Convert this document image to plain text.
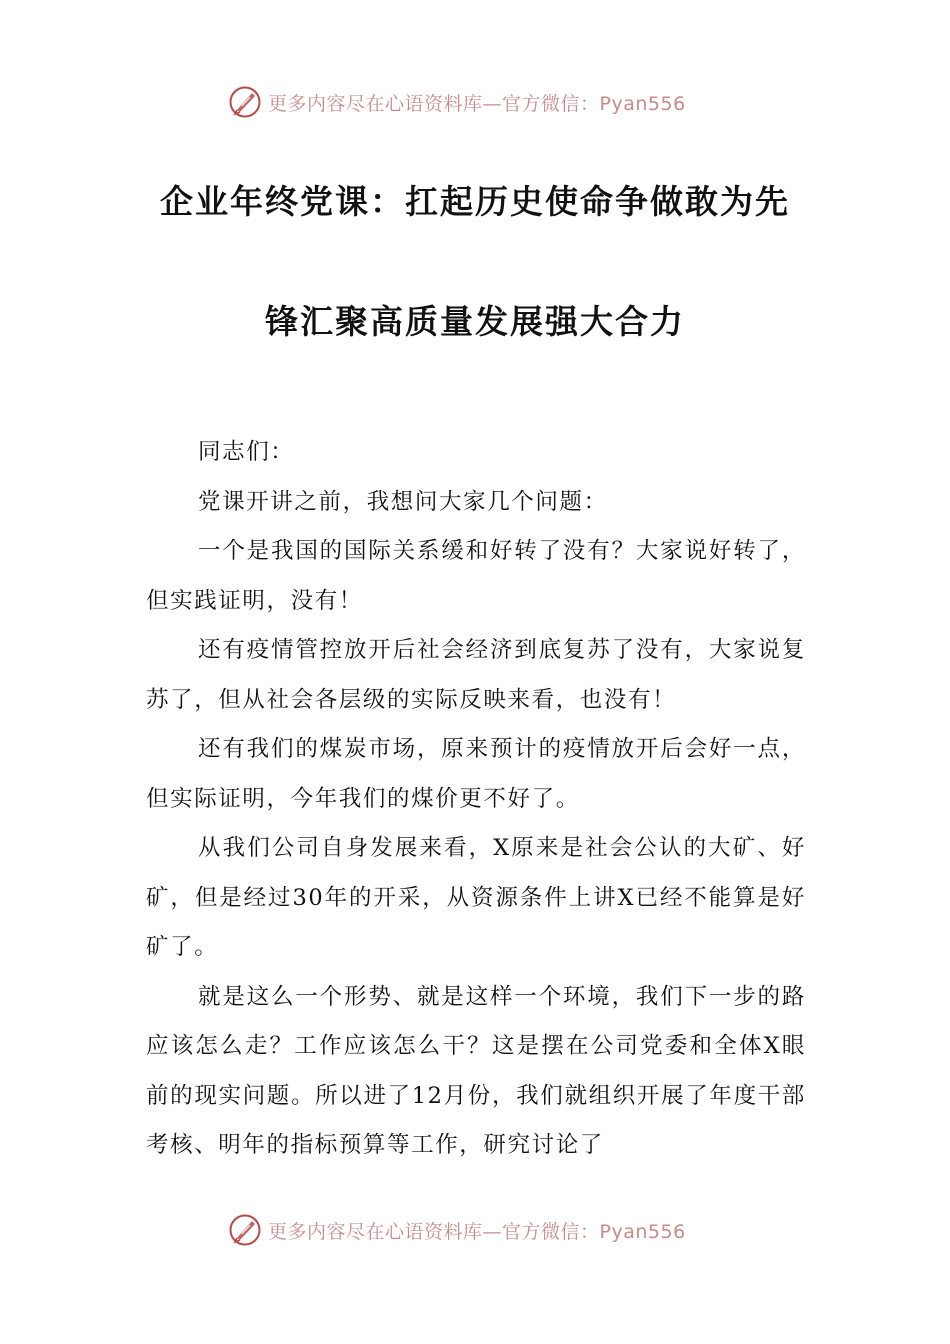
更多内容尽在心语资料库—官方微信：Pyan556
企业年终党课：扛起历史使命争做敢为先
锋汇聚高质量发展强大合力

同志们：

党课开讲之前，我想问大家几个问题：

一个是我国的国际关系缓和好转了没有？大家说好转了，但实践证明，没有！

还有疫情管控放开后社会经济到底复苏了没有，大家说复苏了，但从社会各层级的实际反映来看，也没有！

还有我们的煤炭市场，原来预计的疫情放开后会好一点，但实际证明，今年我们的煤价更不好了。

从我们公司自身发展来看，X原来是社会公认的大矿、好矿，但是经过30年的开采，从资源条件上讲X已经不能算是好矿了。

就是这么一个形势、就是这样一个环境，我们下一步的路应该怎么走？工作应该怎么干？这是摆在公司党委和全体X眼前的现实问题。所以进了12月份，我们就组织开展了年度干部考核、明年的指标预算等工作，研究讨论了

更多内容尽在心语资料库—官方微信：Pyan556
